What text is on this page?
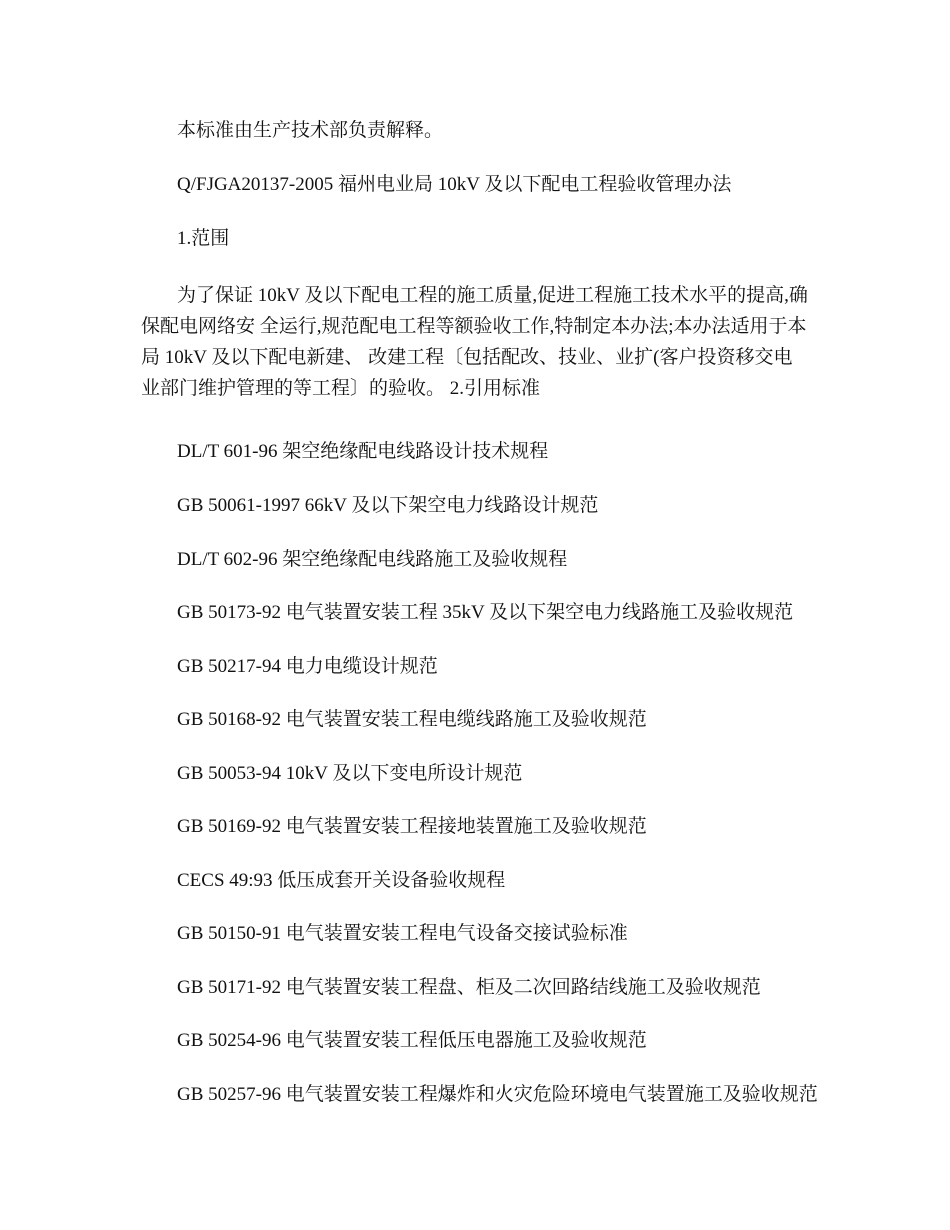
本标准由生产技术部负责解释。

Q/FJGA20137-2005 福州电业局 10kV 及以下配电工程验收管理办法

1.范围

为了保证 10kV 及以下配电工程的施工质量,促进工程施工技术水平的提高,确保配电网络安 全运行,规范配电工程等额验收工作,特制定本办法;本办法适用于本局 10kV 及以下配电新建、 改建工程〔包括配改、技业、业扩(客户投资移交电业部门维护管理的等工程〕的验收。 2.引用标准

DL/T 601-96 架空绝缘配电线路设计技术规程
GB 50061-1997 66kV 及以下架空电力线路设计规范
DL/T 602-96 架空绝缘配电线路施工及验收规程
GB 50173-92 电气装置安装工程 35kV 及以下架空电力线路施工及验收规范
GB 50217-94 电力电缆设计规范
GB 50168-92 电气装置安装工程电缆线路施工及验收规范
GB 50053-94 10kV 及以下变电所设计规范
GB 50169-92 电气装置安装工程接地装置施工及验收规范
CECS 49:93 低压成套开关设备验收规程
GB 50150-91 电气装置安装工程电气设备交接试验标准
GB 50171-92 电气装置安装工程盘、柜及二次回路结线施工及验收规范
GB 50254-96 电气装置安装工程低压电器施工及验收规范
GB 50257-96 电气装置安装工程爆炸和火灾危险环境电气装置施工及验收规范
